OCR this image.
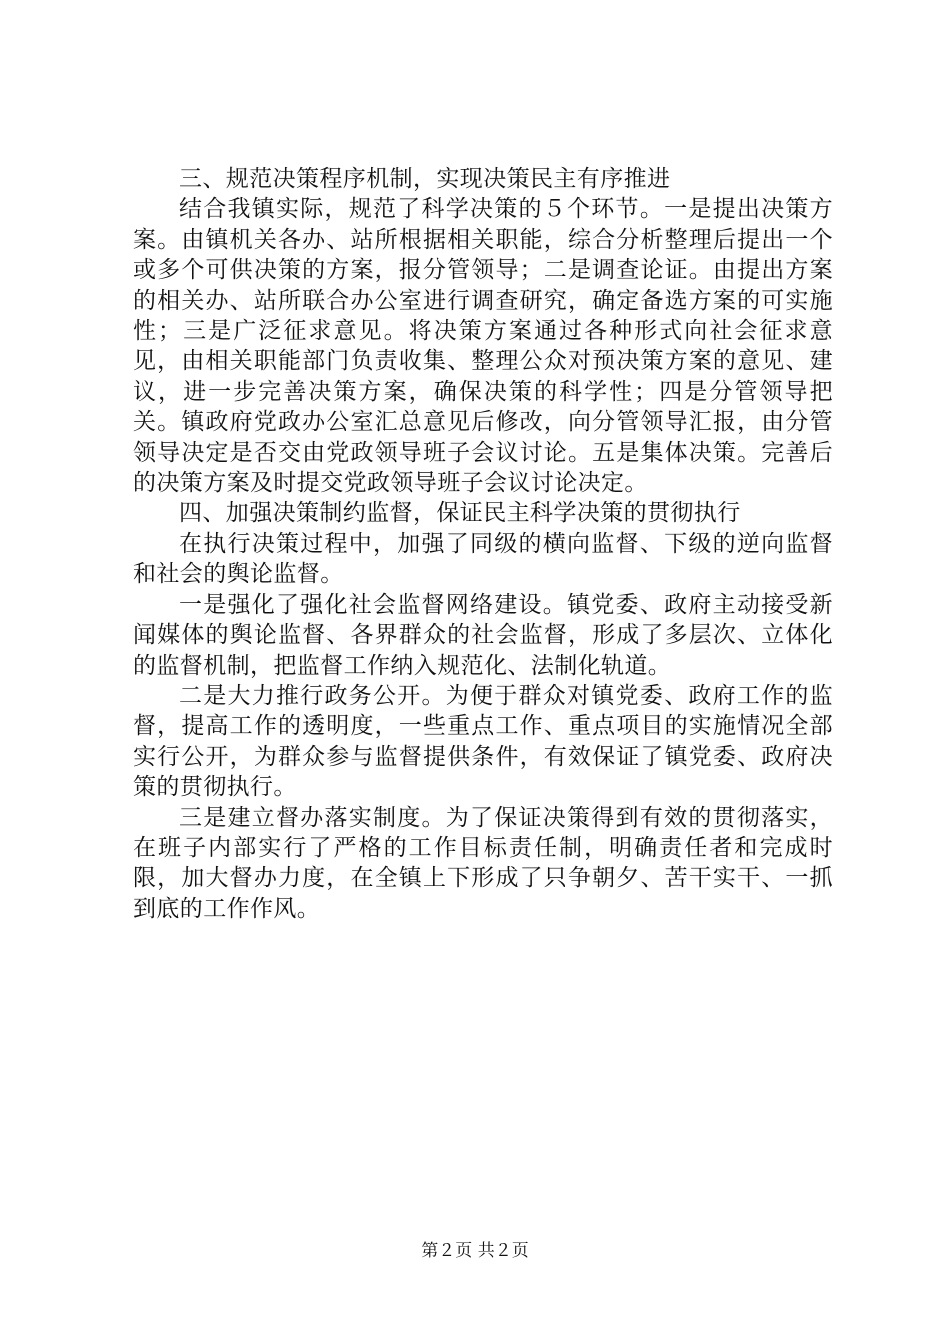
三、规范决策程序机制，实现决策民主有序推进

结合我镇实际，规范了科学决策的５个环节。一是提出决策方案。由镇机关各办、站所根据相关职能，综合分析整理后提出一个或多个可供决策的方案，报分管领导；二是调查论证。由提出方案的相关办、站所联合办公室进行调查研究，确定备选方案的可实施性；三是广泛征求意见。将决策方案通过各种形式向社会征求意见，由相关职能部门负责收集、整理公众对预决策方案的意见、建议，进一步完善决策方案，确保决策的科学性；四是分管领导把关。镇政府党政办公室汇总意见后修改，向分管领导汇报，由分管领导决定是否交由党政领导班子会议讨论。五是集体决策。完善后的决策方案及时提交党政领导班子会议讨论决定。

四、加强决策制约监督，保证民主科学决策的贯彻执行

在执行决策过程中，加强了同级的横向监督、下级的逆向监督和社会的舆论监督。

一是强化了强化社会监督网络建设。镇党委、政府主动接受新闻媒体的舆论监督、各界群众的社会监督，形成了多层次、立体化的监督机制，把监督工作纳入规范化、法制化轨道。

二是大力推行政务公开。为便于群众对镇党委、政府工作的监督，提高工作的透明度，一些重点工作、重点项目的实施情况全部实行公开，为群众参与监督提供条件，有效保证了镇党委、政府决策的贯彻执行。

三是建立督办落实制度。为了保证决策得到有效的贯彻落实，在班子内部实行了严格的工作目标责任制，明确责任者和完成时限，加大督办力度，在全镇上下形成了只争朝夕、苦干实干、一抓到底的工作作风。

第２页 共２页
